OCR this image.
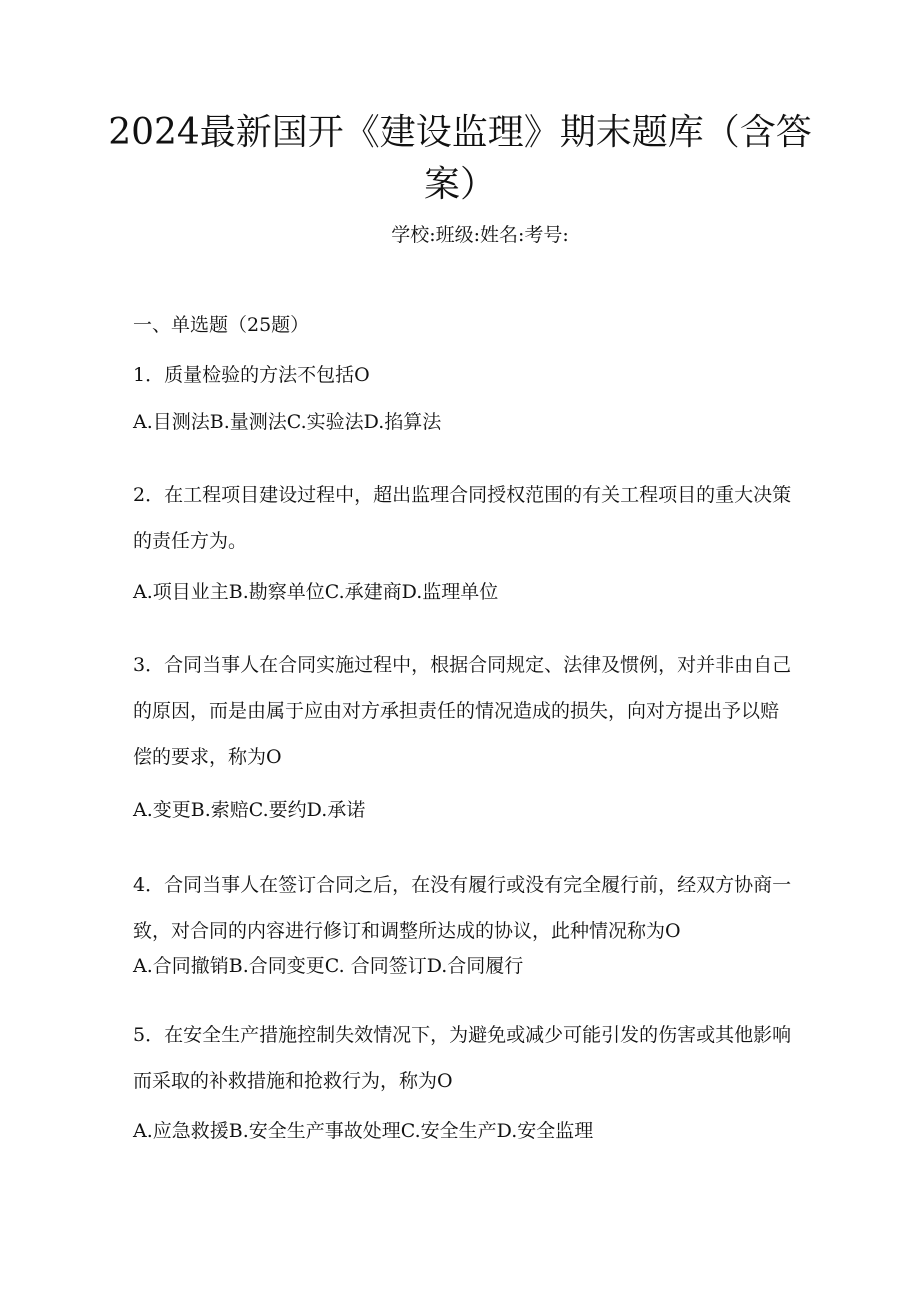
2024最新国开《建设监理》期末题库（含答案）
学校:班级:姓名:考号:
一、单选题（25题）
1．质量检验的方法不包括O
A.目测法B.量测法C.实验法D.掐算法
2．在工程项目建设过程中，超出监理合同授权范围的有关工程项目的重大决策的责任方为。
A.项目业主B.勘察单位C.承建商D.监理单位
3．合同当事人在合同实施过程中，根据合同规定、法律及惯例，对并非由自己的原因，而是由属于应由对方承担责任的情况造成的损失，向对方提出予以赔偿的要求，称为O
A.变更B.索赔C.要约D.承诺
4．合同当事人在签订合同之后，在没有履行或没有完全履行前，经双方协商一致，对合同的内容进行修订和调整所达成的协议，此种情况称为O
A.合同撤销B.合同变更C. 合同签订D.合同履行
5．在安全生产措施控制失效情况下，为避免或减少可能引发的伤害或其他影响而采取的补救措施和抢救行为，称为O
A.应急救援B.安全生产事故处理C.安全生产D.安全监理
